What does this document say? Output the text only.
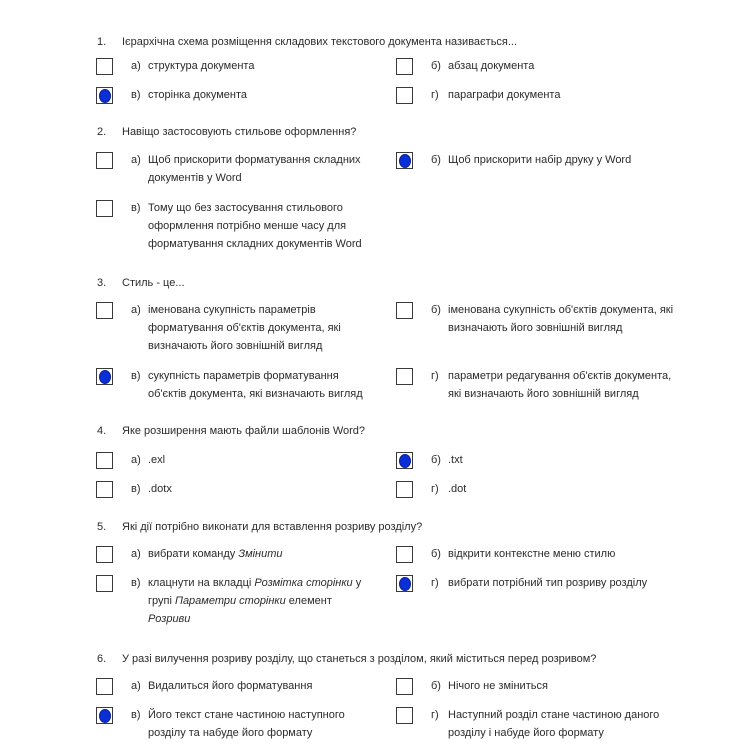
1. Ієрархічна схема розміщення складових текстового документа називається...
а) структура документа	б) абзац документа
в) сторінка документа	г) параграфи документа
2. Навіщо застосовують стильове оформлення?
а) Щоб прискорити форматування складних
документів у Word
б) Щоб прискорити набір друку у Word
в) Тому що без застосування стильового
оформлення потрібно менше часу для
форматування складних документів Word
3. Стиль - це...
а) іменована сукупність параметрів
форматування об'єктів документа, які
визначають його зовнішній вигляд
б) іменована сукупність об'єктів документа, які
визначають його зовнішній вигляд
в) сукупність параметрів форматування
об'єктів документа, які визначають вигляд
г) параметри редагування об'єктів документа,
які визначають його зовнішній вигляд
4. Яке розширення мають файли шаблонів Word?
а) .exl	б) .txt
в) .dotx	г) .dot
5. Які дії потрібно виконати для вставлення розриву розділу?
а) вибрати команду Змінити	б) відкрити контекстне меню стилю
в) клацнути на вкладці Розмітка сторінки у
групі Параметри сторінки елемент
Розриви
г) вибрати потрібний тип розриву розділу
6. У разі вилучення розриву розділу, що станеться з розділом, який міститься перед розривом?
а) Видалиться його форматування	б) Нічого не зміниться
в) Його текст стане частиною наступного
розділу та набуде його формату
г) Наступний розділ стане частиною даного
розділу і набуде його формату
